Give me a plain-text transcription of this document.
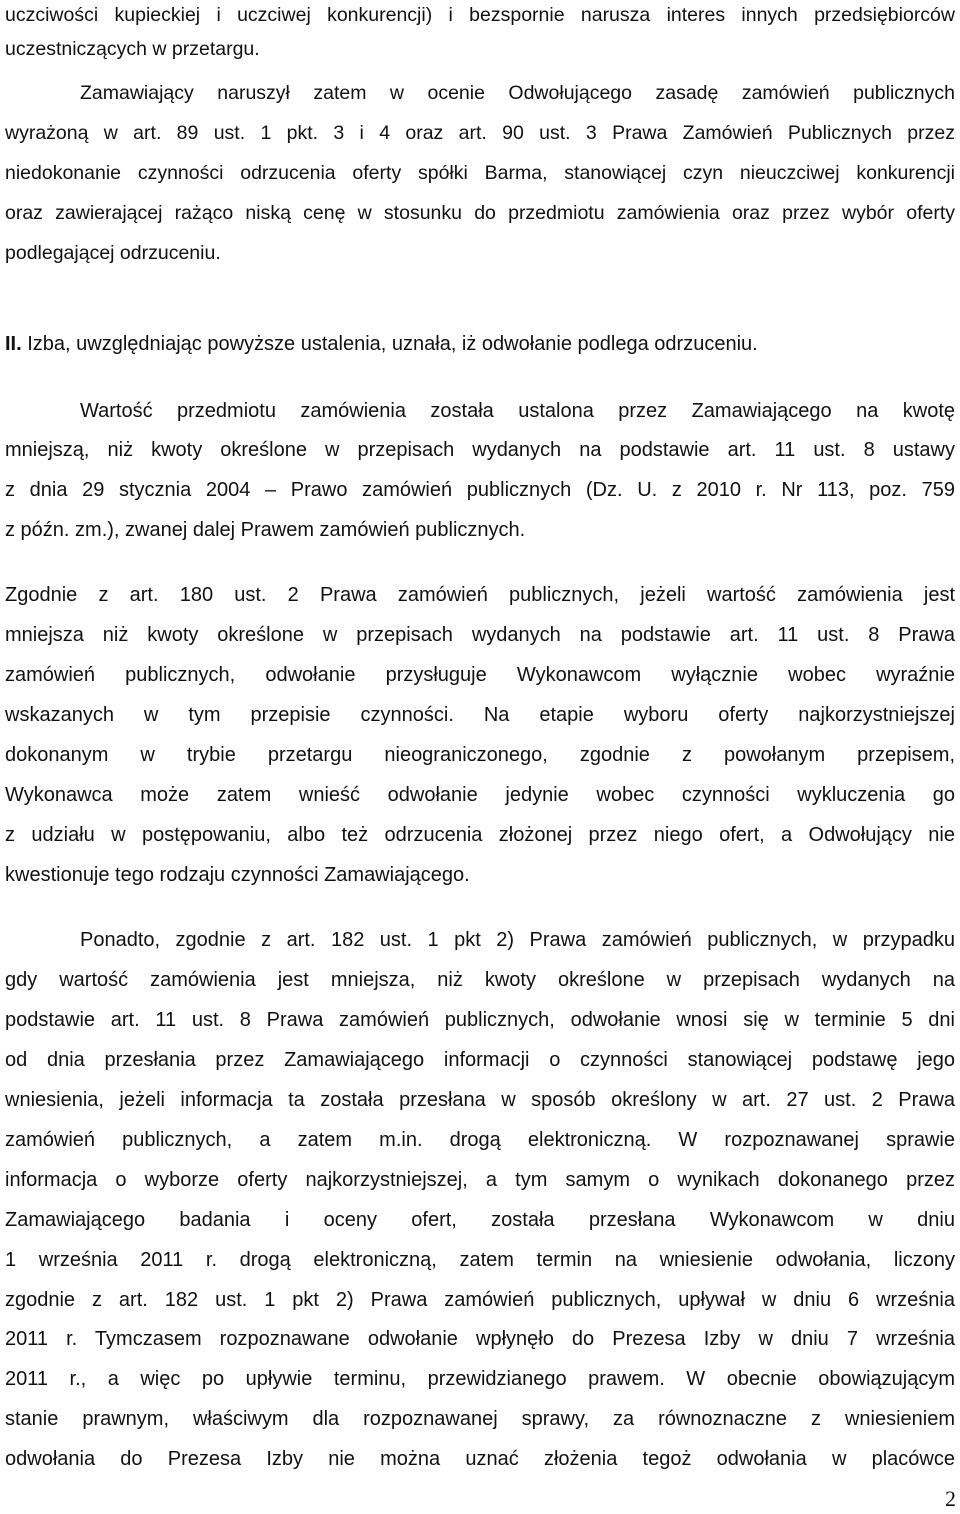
uczciwości kupieckiej i uczciwej konkurencji) i bezspornie narusza interes innych przedsiębiorców
uczestniczących w przetargu.
Zamawiający naruszył zatem w ocenie Odwołującego zasadę zamówień publicznych
wyrażoną w art. 89 ust. 1 pkt. 3 i 4 oraz art. 90 ust. 3 Prawa Zamówień Publicznych przez
niedokonanie czynności odrzucenia oferty spółki Barma, stanowiącej czyn nieuczciwej konkurencji
oraz zawierającej rażąco niską cenę w stosunku do przedmiotu zamówienia oraz przez wybór oferty
podlegającej odrzuceniu.
II. Izba, uwzględniając powyższe ustalenia, uznała, iż odwołanie podlega odrzuceniu.
Wartość przedmiotu zamówienia została ustalona przez Zamawiającego na kwotę
mniejszą, niż kwoty określone w przepisach wydanych na podstawie art. 11 ust. 8 ustawy
z dnia 29 stycznia 2004 – Prawo zamówień publicznych (Dz. U. z 2010 r. Nr 113, poz. 759
z późn. zm.), zwanej dalej Prawem zamówień publicznych.
Zgodnie z art. 180 ust. 2 Prawa zamówień publicznych, jeżeli wartość zamówienia jest
mniejsza niż kwoty określone w przepisach wydanych na podstawie art. 11 ust. 8 Prawa
zamówień publicznych, odwołanie przysługuje Wykonawcom wyłącznie wobec wyraźnie
wskazanych w tym przepisie czynności. Na etapie wyboru oferty najkorzystniejszej
dokonanym w trybie przetargu nieograniczonego, zgodnie z powołanym przepisem,
Wykonawca może zatem wnieść odwołanie jedynie wobec czynności wykluczenia go
z udziału w postępowaniu, albo też odrzucenia złożonej przez niego ofert, a Odwołujący nie
kwestionuje tego rodzaju czynności Zamawiającego.
Ponadto, zgodnie z art. 182 ust. 1 pkt 2) Prawa zamówień publicznych, w przypadku
gdy wartość zamówienia jest mniejsza, niż kwoty określone w przepisach wydanych na
podstawie art. 11 ust. 8 Prawa zamówień publicznych, odwołanie wnosi się w terminie 5 dni
od dnia przesłania przez Zamawiającego informacji o czynności stanowiącej podstawę jego
wniesienia, jeżeli informacja ta została przesłana w sposób określony w art. 27 ust. 2 Prawa
zamówień publicznych, a zatem m.in. drogą elektroniczną. W rozpoznawanej sprawie
informacja o wyborze oferty najkorzystniejszej, a tym samym o wynikach dokonanego przez
Zamawiającego badania i oceny ofert, została przesłana Wykonawcom w dniu
1 września 2011 r. drogą elektroniczną, zatem termin na wniesienie odwołania, liczony
zgodnie z art. 182 ust. 1 pkt 2) Prawa zamówień publicznych, upływał w dniu 6 września
2011 r. Tymczasem rozpoznawane odwołanie wpłynęło do Prezesa Izby w dniu 7 września
2011 r., a więc po upływie terminu, przewidzianego prawem. W obecnie obowiązującym
stanie prawnym, właściwym dla rozpoznawanej sprawy, za równoznaczne z wniesieniem
odwołania do Prezesa Izby nie można uznać złożenia tegoż odwołania w placówce
2
